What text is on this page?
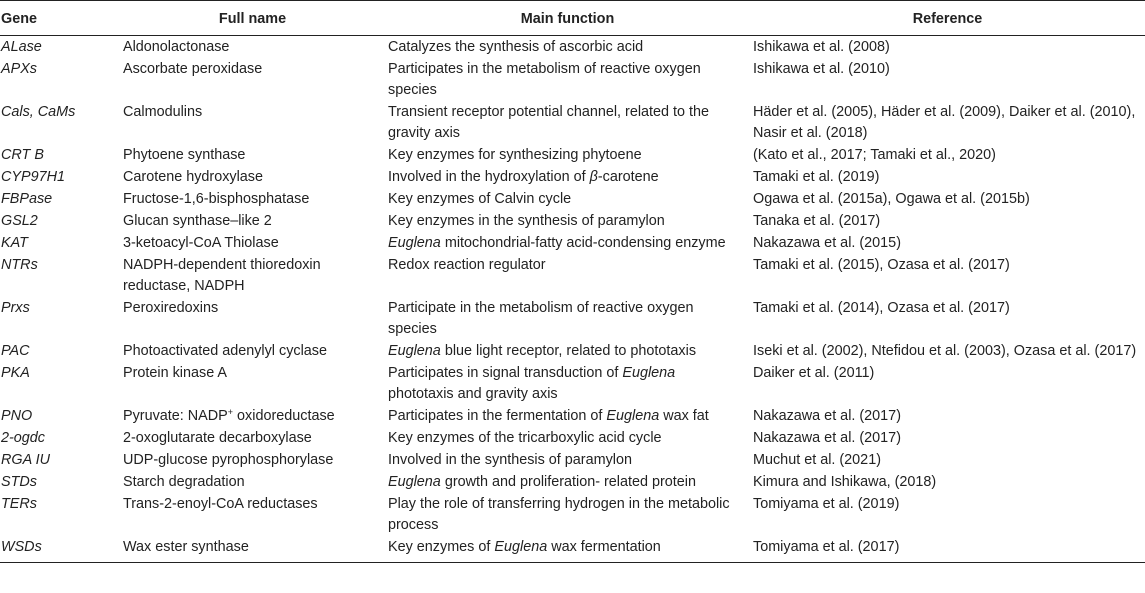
Gene	Full name	Main function	Reference
ALase	Aldonolactonase	Catalyzes the synthesis of ascorbic acid	Ishikawa et al. (2008)
APXs	Ascorbate peroxidase	Participates in the metabolism of reactive oxygen species	Ishikawa et al. (2010)
Cals, CaMs	Calmodulins	Transient receptor potential channel, related to the gravity axis	Häder et al. (2005), Häder et al. (2009), Daiker et al. (2010), Nasir et al. (2018)
CRT B	Phytoene synthase	Key enzymes for synthesizing phytoene	(Kato et al., 2017; Tamaki et al., 2020)
CYP97H1	Carotene hydroxylase	Involved in the hydroxylation of β-carotene	Tamaki et al. (2019)
FBPase	Fructose-1,6-bisphosphatase	Key enzymes of Calvin cycle	Ogawa et al. (2015a), Ogawa et al. (2015b)
GSL2	Glucan synthase–like 2	Key enzymes in the synthesis of paramylon	Tanaka et al. (2017)
KAT	3-ketoacyl-CoA Thiolase	Euglena mitochondrial-fatty acid-condensing enzyme	Nakazawa et al. (2015)
NTRs	NADPH-dependent thioredoxin reductase, NADPH	Redox reaction regulator	Tamaki et al. (2015), Ozasa et al. (2017)
Prxs	Peroxiredoxins	Participate in the metabolism of reactive oxygen species	Tamaki et al. (2014), Ozasa et al. (2017)
PAC	Photoactivated adenylyl cyclase	Euglena blue light receptor, related to phototaxis	Iseki et al. (2002), Ntefidou et al. (2003), Ozasa et al. (2017)
PKA	Protein kinase A	Participates in signal transduction of Euglena phototaxis and gravity axis	Daiker et al. (2011)
PNO	Pyruvate: NADP+ oxidoreductase	Participates in the fermentation of Euglena wax fat	Nakazawa et al. (2017)
2-ogdc	2-oxoglutarate decarboxylase	Key enzymes of the tricarboxylic acid cycle	Nakazawa et al. (2017)
RGA IU	UDP-glucose pyrophosphorylase	Involved in the synthesis of paramylon	Muchut et al. (2021)
STDs	Starch degradation	Euglena growth and proliferation- related protein	Kimura and Ishikawa, (2018)
TERs	Trans-2-enoyl-CoA reductases	Play the role of transferring hydrogen in the metabolic process	Tomiyama et al. (2019)
WSDs	Wax ester synthase	Key enzymes of Euglena wax fermentation	Tomiyama et al. (2017)
